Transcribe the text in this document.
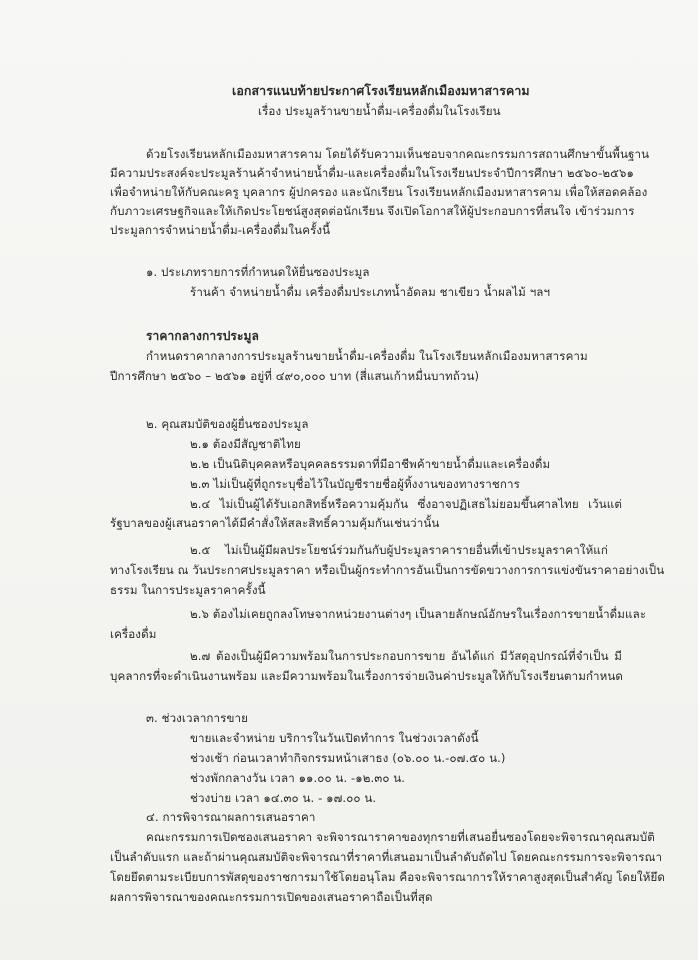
เอกสารแนบท้ายประกาศโรงเรียนหลักเมืองมหาสารคาม
เรื่อง ประมูลร้านขายน้ำดื่ม-เครื่องดื่มในโรงเรียน
ด้วยโรงเรียนหลักเมืองมหาสารคาม โดยได้รับความเห็นชอบจากคณะกรรมการสถานศึกษาขั้นพื้นฐาน
มีความประสงค์จะประมูลร้านค้าจำหน่ายน้ำดื่ม-และเครื่องดื่มในโรงเรียนประจำปีการศึกษา ๒๕๖๐-๒๕๖๑
เพื่อจำหน่ายให้กับคณะครู บุคลากร ผู้ปกครอง และนักเรียน โรงเรียนหลักเมืองมหาสารคาม เพื่อให้สอดคล้อง
กับภาวะเศรษฐกิจและให้เกิดประโยชน์สูงสุดต่อนักเรียน จึงเปิดโอกาสให้ผู้ประกอบการที่สนใจ เข้าร่วมการ
ประมูลการจำหน่ายน้ำดื่ม-เครื่องดื่มในครั้งนี้
๑. ประเภทรายการที่กำหนดให้ยื่นซองประมูล
ร้านค้า จำหน่ายน้ำดื่ม เครื่องดื่มประเภทน้ำอัดลม ชาเขียว น้ำผลไม้ ฯลฯ
ราคากลางการประมูล
กำหนดราคากลางการประมูลร้านขายน้ำดื่ม-เครื่องดื่ม ในโรงเรียนหลักเมืองมหาสารคาม
ปีการศึกษา ๒๕๖๐ – ๒๕๖๑ อยู่ที่ ๔๙๐,๐๐๐ บาท (สี่แสนเก้าหมื่นบาทถ้วน)
๒. คุณสมบัติของผู้ยื่นซองประมูล
๒.๑ ต้องมีสัญชาติไทย
๒.๒ เป็นนิติบุคคลหรือบุคคลธรรมดาที่มีอาชีพค้าขายน้ำดื่มและเครื่องดื่ม
๒.๓ ไม่เป็นผู้ที่ถูกระบุชื่อไว้ในบัญชีรายชื่อผู้ทิ้งงานของทางราชการ
๒.๔ ไม่เป็นผู้ได้รับเอกสิทธิ์หรือความคุ้มกัน ซึ่งอาจปฏิเสธไม่ยอมขึ้นศาลไทย เว้นแต่
รัฐบาลของผู้เสนอราคาได้มีคำสั่งให้สละสิทธิ์ความคุ้มกันเช่นว่านั้น
๒.๕ ไม่เป็นผู้มีผลประโยชน์ร่วมกันกับผู้ประมูลราคารายอื่นที่เข้าประมูลราคาให้แก่
ทางโรงเรียน ณ วันประกาศประมูลราคา หรือเป็นผู้กระทำการอันเป็นการขัดขวางการการแข่งขันราคาอย่างเป็น
ธรรม ในการประมูลราคาครั้งนี้
๒.๖ ต้องไม่เคยถูกลงโทษจากหน่วยงานต่างๆ เป็นลายลักษณ์อักษรในเรื่องการขายน้ำดื่มและ
เครื่องดื่ม
๒.๗ ต้องเป็นผู้มีความพร้อมในการประกอบการขาย อันได้แก่ มีวัสดุอุปกรณ์ที่จำเป็น มี
บุคลากรที่จะดำเนินงานพร้อม และมีความพร้อมในเรื่องการจ่ายเงินค่าประมูลให้กับโรงเรียนตามกำหนด
๓. ช่วงเวลาการขาย
ขายและจำหน่าย บริการในวันเปิดทำการ ในช่วงเวลาดังนี้
ช่วงเช้า ก่อนเวลาทำกิจกรรมหน้าเสาธง (๐๖.๐๐ น.-๐๗.๕๐ น.)
ช่วงพักกลางวัน เวลา ๑๑.๐๐ น. -๑๒.๓๐ น.
ช่วงบ่าย เวลา ๑๔.๓๐ น. - ๑๗.๐๐ น.
๔. การพิจารณาผลการเสนอราคา
คณะกรรมการเปิดซองเสนอราคา จะพิจารณาราคาของทุกรายที่เสนอยื่นซองโดยจะพิจารณาคุณสมบัติ
เป็นลำดับแรก และถ้าผ่านคุณสมบัติจะพิจารณาที่ราคาที่เสนอมาเป็นลำดับถัดไป โดยคณะกรรมการจะพิจารณา
โดยยึดตามระเบียบการพัสดุของราชการมาใช้โดยอนุโลม คือจะพิจารณาการให้ราคาสูงสุดเป็นสำคัญ โดยให้ยึด
ผลการพิจารณาของคณะกรรมการเปิดของเสนอราคาถือเป็นที่สุด
